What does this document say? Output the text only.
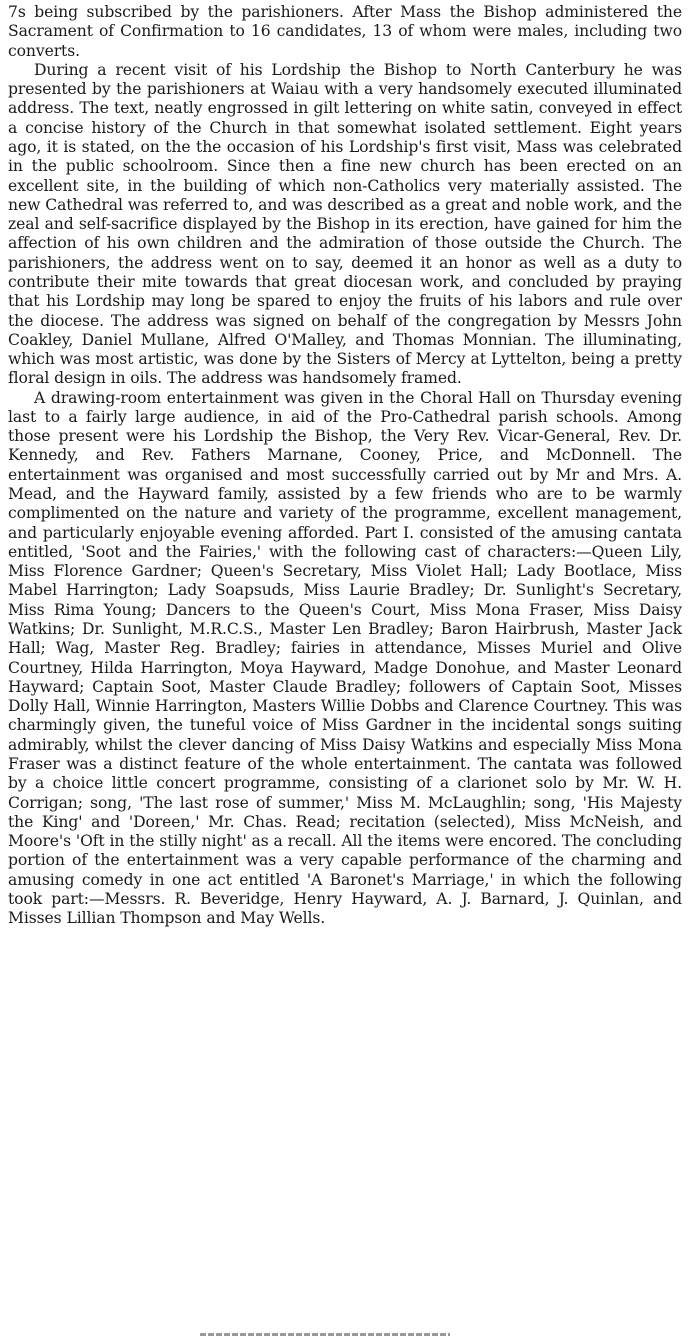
7s being subscribed by the parishioners. After Mass the Bishop administered the Sacrament of Confirmation to 16 candidates, 13 of whom were males, including two converts.

During a recent visit of his Lordship the Bishop to North Canterbury he was presented by the parishioners at Waiau with a very handsomely executed illuminated address. The text, neatly engrossed in gilt lettering on white satin, conveyed in effect a concise history of the Church in that somewhat isolated settlement. Eight years ago, it is stated, on the the occasion of his Lordship's first visit, Mass was celebrated in the public schoolroom. Since then a fine new church has been erected on an excellent site, in the building of which non-Catholics very materially assisted. The new Cathedral was referred to, and was described as a great and noble work, and the zeal and self-sacrifice displayed by the Bishop in its erection, have gained for him the affection of his own children and the admiration of those outside the Church. The parishioners, the address went on to say, deemed it an honor as well as a duty to contribute their mite towards that great diocesan work, and concluded by praying that his Lordship may long be spared to enjoy the fruits of his labors and rule over the diocese. The address was signed on behalf of the congregation by Messrs John Coakley, Daniel Mullane, Alfred O'Malley, and Thomas Monnian. The illuminating, which was most artistic, was done by the Sisters of Mercy at Lyttelton, being a pretty floral design in oils. The address was handsomely framed.

A drawing-room entertainment was given in the Choral Hall on Thursday evening last to a fairly large audience, in aid of the Pro-Cathedral parish schools. Among those present were his Lordship the Bishop, the Very Rev. Vicar-General, Rev. Dr. Kennedy, and Rev. Fathers Marnane, Cooney, Price, and McDonnell. The entertainment was organised and most successfully carried out by Mr and Mrs. A. Mead, and the Hayward family, assisted by a few friends who are to be warmly complimented on the nature and variety of the programme, excellent management, and particularly enjoyable evening afforded. Part I. consisted of the amusing cantata entitled, 'Soot and the Fairies,' with the following cast of characters:—Queen Lily, Miss Florence Gardner; Queen's Secretary, Miss Violet Hall; Lady Bootlace, Miss Mabel Harrington; Lady Soapsuds, Miss Laurie Bradley; Dr. Sunlight's Secretary, Miss Rima Young; Dancers to the Queen's Court, Miss Mona Fraser, Miss Daisy Watkins; Dr. Sunlight, M.R.C.S., Master Len Bradley; Baron Hairbrush, Master Jack Hall; Wag, Master Reg. Bradley; fairies in attendance, Misses Muriel and Olive Courtney, Hilda Harrington, Moya Hayward, Madge Donohue, and Master Leonard Hayward; Captain Soot, Master Claude Bradley; followers of Captain Soot, Misses Dolly Hall, Winnie Harrington, Masters Willie Dobbs and Clarence Courtney. This was charmingly given, the tuneful voice of Miss Gardner in the incidental songs suiting admirably, whilst the clever dancing of Miss Daisy Watkins and especially Miss Mona Fraser was a distinct feature of the whole entertainment. The cantata was followed by a choice little concert programme, consisting of a clarionet solo by Mr. W. H. Corrigan; song, 'The last rose of summer,' Miss M. McLaughlin; song, 'His Majesty the King' and 'Doreen,' Mr. Chas. Read; recitation (selected), Miss McNeish, and Moore's 'Oft in the stilly night' as a recall. All the items were encored. The concluding portion of the entertainment was a very capable performance of the charming and amusing comedy in one act entitled 'A Baronet's Marriage,' in which the following took part:—Messrs. R. Beveridge, Henry Hayward, A. J. Barnard, J. Quinlan, and Misses Lillian Thompson and May Wells.
